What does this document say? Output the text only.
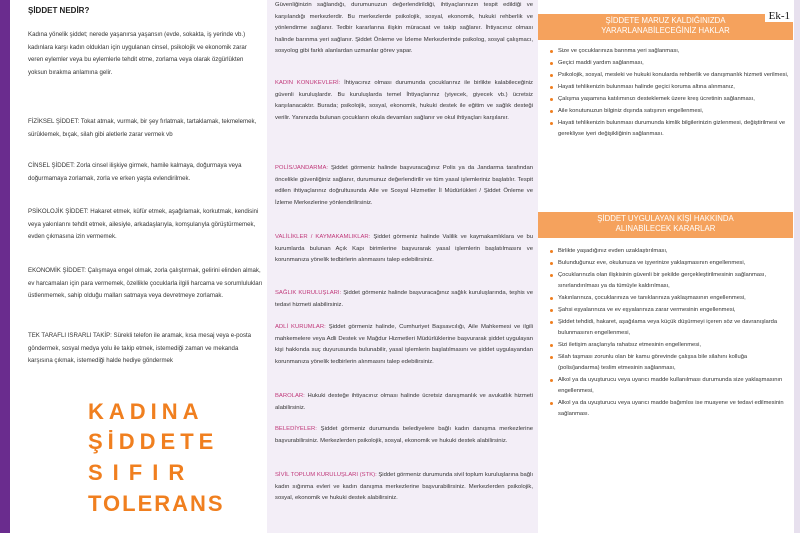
ŞİDDET NEDİR?

Kadına yönelik şiddet; nerede yaşanırsa yaşansın (evde, sokakta, iş yerinde vb.) kadınlara karşı kadın oldukları için uygulanan cinsel, psikolojik ve ekonomik zarar veren eylemler veya bu eylemlerle tehdit etme, zorlama veya olarak özgürlükten yoksun bırakma anlamına gelir.

FİZİKSEL ŞİDDET: Tokat atmak, vurmak, bir şey fırlatmak, tartaklamak, tekmelemek, sürüklemek, bıçak, silah gibi aletlerle zarar vermek vb

CİNSEL ŞİDDET: Zorla cinsel ilişkiye girmek, hamile kalmaya, doğurmaya veya doğurmamaya zorlamak, zorla ve erken yaşta evlendirilmek.

PSİKOLOJİK ŞİDDET: Hakaret etmek, küfür etmek, aşağılamak, korkutmak, kendisini veya yakınlarını tehdit etmek, ailesiyle, arkadaşlarıyla, komşularıyla görüştürmemek, evden çıkmasına izin vermemek.

EKONOMİK ŞİDDET: Çalışmaya engel olmak, zorla çalıştırmak, gelirini elinden almak, ev harcamaları için para vermemek, özellikle çocuklarla ilgili harcama ve sorumlulukları üstlenmemek, sahip olduğu malları satmaya veya devretmeye zorlamak.

TEK TARAFLI ISRARLI TAKİP: Sürekli telefon ile aramak, kısa mesaj veya e-posta göndermek, sosyal medya yolu ile takip etmek, istemediği zaman ve mekanda karşısına çıkmak, istemediği halde hediye göndermek

KADINA
ŞİDDETE
SIFIR
TOLERANS

Güvenliğinizin sağlandığı, durumunuzun değerlendirildiği, ihtiyaçlarınızın tespit edildiği ve karşılandığı merkezlerdir. Bu merkezlerde psikolojik, sosyal, ekonomik, hukuki rehberlik ve yönlendirme sağlanır. Tedbir kararlarına ilişkin müracaat ve takip sağlanır. İhtiyacınız olması halinde barınma yeri sağlanır. Şiddet Önleme ve İzleme Merkezlerinde psikolog, sosyal çalışmacı, sosyolog gibi farklı alanlardan uzmanlar görev yapar.

KADIN KONUKEVLERİ: İhtiyacınız olması durumunda çocuklarınız ile birlikte kalabileceğiniz güvenli kuruluşlardır. Bu kuruluşlarda temel İhtiyaçlarınız (yiyecek, giyecek vb.) ücretsiz karşılanacaktır. Burada; psikolojik, sosyal, ekonomik, hukuki destek ile eğitim ve sağlık desteği verilir. Yanınızda bulunan çocukların okula devamları sağlanır ve okul ihtiyaçları karşılanır.

POLİS/JANDARMA: Şiddet görmeniz halinde başvuracağınız Polis ya da Jandarma tarafından öncelikle güvenliğiniz sağlanır, durumunuz değerlendirilir ve tüm yasal işlemleriniz başlatılır. Tespit edilen ihtiyaçlarınız doğrultusunda Aile ve Sosyal Hizmetler İl Müdürlükleri / Şiddet Önleme ve İzleme Merkezlerine yönlendirilirsiniz.

VALİLİKLER / KAYMAKAMLIKLAR: Şiddet görmeniz halinde Valilik ve kaymakamlıklara ve bu kurumlarda bulunan Açık Kapı birimlerine başvurarak yasal işlemlerin başlatılmasını ve korunmanıza yönelik tedbirlerin alınmasını talep edebilirsiniz.

SAĞLIK KURULUŞLARI: Şiddet görmeniz halinde başvuracağınız sağlık kuruluşlarında, teşhis ve tedavi hizmeti alabilirsiniz.

ADLİ KURUMLAR: Şiddet görmeniz halinde, Cumhuriyet Başsavcılığı, Aile Mahkemesi ve ilgili mahkemelere veya Adli Destek ve Mağdur Hizmetleri Müdürlüklerine başvurarak şiddet uygulayan kişi hakkında suç duyurusunda bulunabilir, yasal işlemlerin başlatılmasını ve şiddet uygulayandan korunmanıza yönelik tedbirlerin alınmasını talep edebilirsiniz.

BAROLAR: Hukuki desteğe ihtiyacınız olması halinde ücretsiz danışmanlık ve avukatlık hizmeti alabilirsiniz.

BELEDİYELER: Şiddet görmeniz durumunda belediyelere bağlı kadın danışma merkezlerine başvurabilirsiniz. Merkezlerden psikolojik, sosyal, ekonomik ve hukuki destek alabilirsiniz.

SİVİL TOPLUM KURULUŞLARI (STK): Şiddet görmeniz durumunda sivil toplum kuruluşlarına bağlı kadın sığınma evleri ve kadın danışma merkezlerine başvurabilirsiniz. Merkezlerden psikolojik, sosyal, ekonomik ve hukuki destek alabilirsiniz.

ŞİDDETE MARUZ KALDIĞINIZDA
YARARLANABİLECEĞİNİZ HAKLAR
Ek-1
Size ve çocuklarınıza barınma yeri sağlanması,
Geçici maddi yardım sağlanması,
Psikolojik, sosyal, mesleki ve hukuki konularda rehberlik ve danışmanlık hizmeti verilmesi,
Hayati tehlikenizin bulunması halinde geçici koruma altına alınmanız,
Çalışma yaşamına katılımınızı desteklemek üzere kreş ücretinin sağlanması,
Aile konutunuzun bilginiz dışında satışının engellenmesi,
Hayati tehlikenizin bulunması durumunda kimlik bilgilerinizin gizlenmesi, değiştirilmesi ve gerekliyse iyeri değişikliğinin sağlanması.
ŞİDDET UYGULAYAN KİŞİ HAKKINDA
ALINABİLECEK KARARLAR
Birlikte yaşadığınız evden uzaklaştırılması,
Bulunduğunuz eve, okulunuza ve işyerinize yaklaşmasının engellenmesi,
Çocuklarınızla olan ilişkisinin güvenli bir şekilde gerçekleştirilmesinin sağlanması, sınırlandırılması ya da tümüyle kaldırılması,
Yakınlarınıza, çocuklarınıza ve tanıklarınıza yaklaşmasının engellenmesi,
Şahsi eşyalarınıza ve ev eşyalarınıza zarar vermesinin engellenmesi,
Şiddet tehdidi, hakaret, aşağılama veya küçük düşürmeyi içeren söz ve davranışlarda bulunmasının engellenmesi,
Sizi iletişim araçlarıyla rahatsız etmesinin engellenmesi,
Silah taşması zorunlu olan bir kamu görevinde çalışsa bile silahını kolluğa (polis/jandarma) teslim etmesinin sağlanması,
Alkol ya da uyuşturucu veya uyarıcı madde kullanılması durumunda size yaklaşmasının engellenmesi,
Alkol ya da uyuşturucu veya uyarıcı madde bağımlısı ise muayene ve tedavi edilmesinin sağlanması.
